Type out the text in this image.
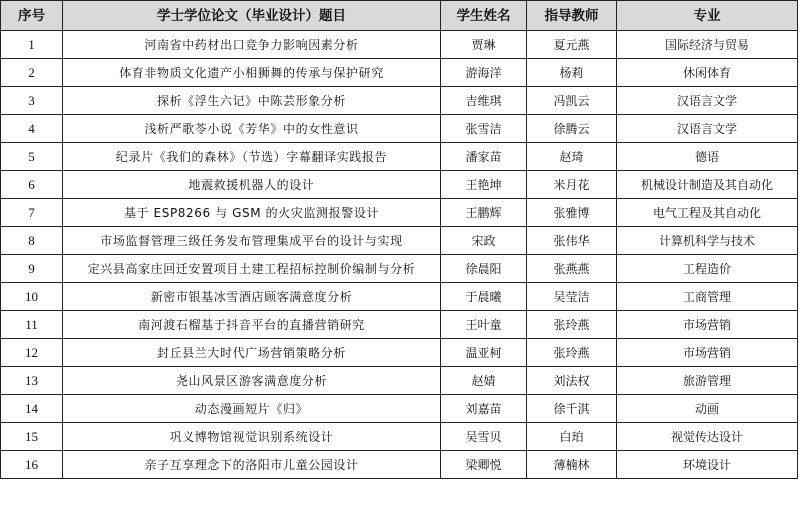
序号	学士学位论文（毕业设计）题目	学生姓名	指导教师	专业
1	河南省中药材出口竞争力影响因素分析	贾琳	夏元燕	国际经济与贸易
2	体育非物质文化遗产小相狮舞的传承与保护研究	游海洋	杨莉	休闲体育
3	探析《浮生六记》中陈芸形象分析	吉维琪	冯凯云	汉语言文学
4	浅析严歌苓小说《芳华》中的女性意识	张雪洁	徐腾云	汉语言文学
5	纪录片《我们的森林》（节选）字幕翻译实践报告	潘家苗	赵琦	德语
6	地震救援机器人的设计	王艳坤	米月花	机械设计制造及其自动化
7	基于 ESP8266 与 GSM 的火灾监测报警设计	王鹏辉	张雅博	电气工程及其自动化
8	市场监督管理三级任务发布管理集成平台的设计与实现	宋政	张伟华	计算机科学与技术
9	定兴县高家庄回迁安置项目土建工程招标控制价编制与分析	徐晨阳	张燕燕	工程造价
10	新密市银基冰雪酒店顾客满意度分析	于晨曦	吴莹洁	工商管理
11	南河渡石榴基于抖音平台的直播营销研究	王叶童	张玲燕	市场营销
12	封丘县兰大时代广场营销策略分析	温亚柯	张玲燕	市场营销
13	尧山风景区游客满意度分析	赵婧	刘法权	旅游管理
14	动态漫画短片《归》	刘嘉苗	徐千淇	动画
15	巩义博物馆视觉识别系统设计	吴雪贝	白珀	视觉传达设计
16	亲子互享理念下的洛阳市儿童公园设计	梁卿悦	薄楠林	环境设计
